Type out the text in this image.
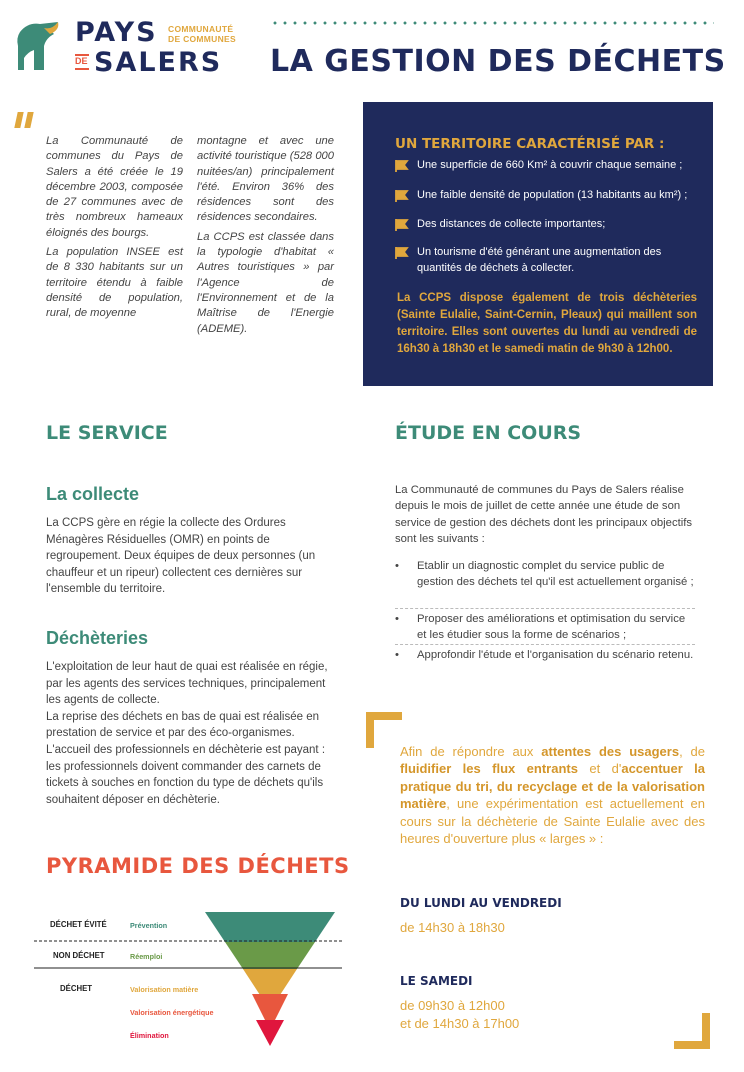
PAYS COMMUNAUTÉ
DE COMMUNES
DE SALERS LA GESTION DES DÉCHETS

La Communauté de communes du Pays de Salers a été créée le 19 décembre 2003, composée de 27 communes avec de très nombreux hameaux éloignés des bourgs.

La population INSEE est de 8 330 habitants sur un territoire étendu à faible densité de population, rural, de moyenne

montagne et avec une activité touristique (528 000 nuitées/an) principalement l'été. Environ 36% des résidences sont des résidences secondaires.

La CCPS est classée dans la typologie d'habitat « Autres touristiques » par l'Agence de l'Environnement et de la Maîtrise de l'Energie (ADEME).

UN TERRITOIRE CARACTÉRISÉ PAR :
Une superficie de 660 Km² à couvrir chaque semaine ;
Une faible densité de population (13 habitants au km²) ;
Des distances de collecte importantes;
Un tourisme d'été générant une augmentation des quantités de déchets à collecter.
La CCPS dispose également de trois déchèteries (Sainte Eulalie, Saint-Cernin, Pleaux) qui maillent son territoire. Elles sont ouvertes du lundi au vendredi de 16h30 à 18h30 et le samedi matin de 9h30 à 12h00.
LE SERVICE
La collecte

La CCPS gère en régie la collecte des Ordures Ménagères Résiduelles (OMR) en points de regroupement. Deux équipes de deux personnes (un chauffeur et un ripeur) collectent ces dernières sur l'ensemble du territoire.

Déchèteries

L'exploitation de leur haut de quai est réalisée en régie, par les agents des services techniques, principalement les agents de collecte.

La reprise des déchets en bas de quai est réalisée en prestation de service et par des éco-organismes.

L'accueil des professionnels en déchèterie est payant : les professionnels doivent commander des carnets de tickets à souches en fonction du type de déchets qu'ils souhaitent déposer en déchèterie.

ÉTUDE EN COURS

La Communauté de communes du Pays de Salers réalise depuis le mois de juillet de cette année une étude de son service de gestion des déchets dont les principaux objectifs sont les suivants :

•	Etablir un diagnostic complet du service public de gestion des déchets tel qu'il est actuellement organisé ;
•	Proposer des améliorations et optimisation du service et les étudier sous la forme de scénarios ;
•	Approfondir l'étude et l'organisation du scénario retenu.

Afin de répondre aux attentes des usagers, de fluidifier les flux entrants et d'accentuer la pratique du tri, du recyclage et de la valorisation matière, une expérimentation est actuellement en cours sur la déchèterie de Sainte Eulalie avec des heures d'ouverture plus « larges » :

DU LUNDI AU VENDREDI
de 14h30 à 18h30
LE SAMEDI
de 09h30 à 12h00
et de 14h30 à 17h00
PYRAMIDE DES DÉCHETS
DÉCHET ÉVITÉ
NON DÉCHET
DÉCHET
Prévention
Réemploi
Valorisation matière
Valorisation énergétique
Élimination
